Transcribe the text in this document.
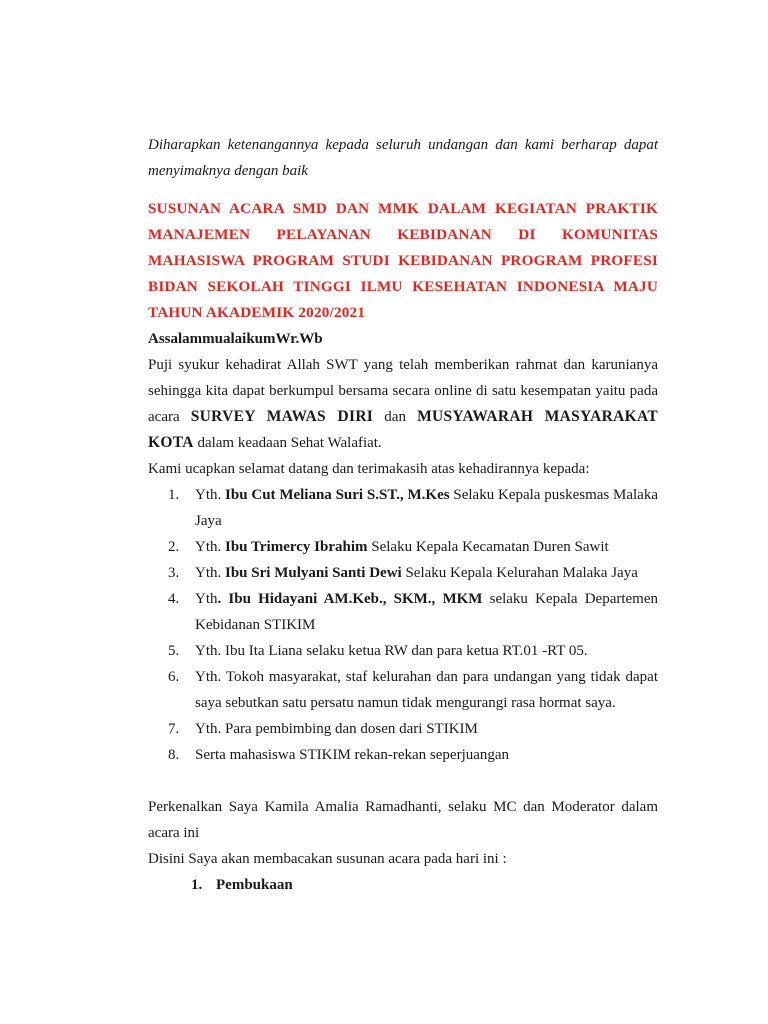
Diharapkan ketenangannya kepada seluruh undangan dan kami berharap dapat menyimaknya dengan baik

SUSUNAN ACARA SMD DAN MMK DALAM KEGIATAN PRAKTIK MANAJEMEN PELAYANAN KEBIDANAN DI KOMUNITAS MAHASISWA PROGRAM STUDI KEBIDANAN PROGRAM PROFESI BIDAN SEKOLAH TINGGI ILMU KESEHATAN INDONESIA MAJU TAHUN AKADEMIK 2020/2021

AssalammualaikumWr.Wb

Puji syukur kehadirat Allah SWT yang telah memberikan rahmat dan karunianya sehingga kita dapat berkumpul bersama secara online di satu kesempatan yaitu pada acara SURVEY MAWAS DIRI dan MUSYAWARAH MASYARAKAT KOTA dalam keadaan Sehat Walafiat.

Kami ucapkan selamat datang dan terimakasih atas kehadirannya kepada:

1. Yth. Ibu Cut Meliana Suri S.ST., M.Kes Selaku Kepala puskesmas Malaka Jaya
2. Yth. Ibu Trimercy Ibrahim Selaku Kepala Kecamatan Duren Sawit
3. Yth. Ibu Sri Mulyani Santi Dewi Selaku Kepala Kelurahan Malaka Jaya
4. Yth. Ibu Hidayani AM.Keb., SKM., MKM selaku Kepala Departemen Kebidanan STIKIM
5. Yth. Ibu Ita Liana selaku ketua RW dan para ketua RT.01 -RT 05.
6. Yth. Tokoh masyarakat, staf kelurahan dan para undangan yang tidak dapat saya sebutkan satu persatu namun tidak mengurangi rasa hormat saya.
7. Yth. Para pembimbing dan dosen dari STIKIM
8. Serta mahasiswa STIKIM rekan-rekan seperjuangan

Perkenalkan Saya Kamila Amalia Ramadhanti, selaku MC dan Moderator dalam acara ini

Disini Saya akan membacakan susunan acara pada hari ini :

1. Pembukaan
